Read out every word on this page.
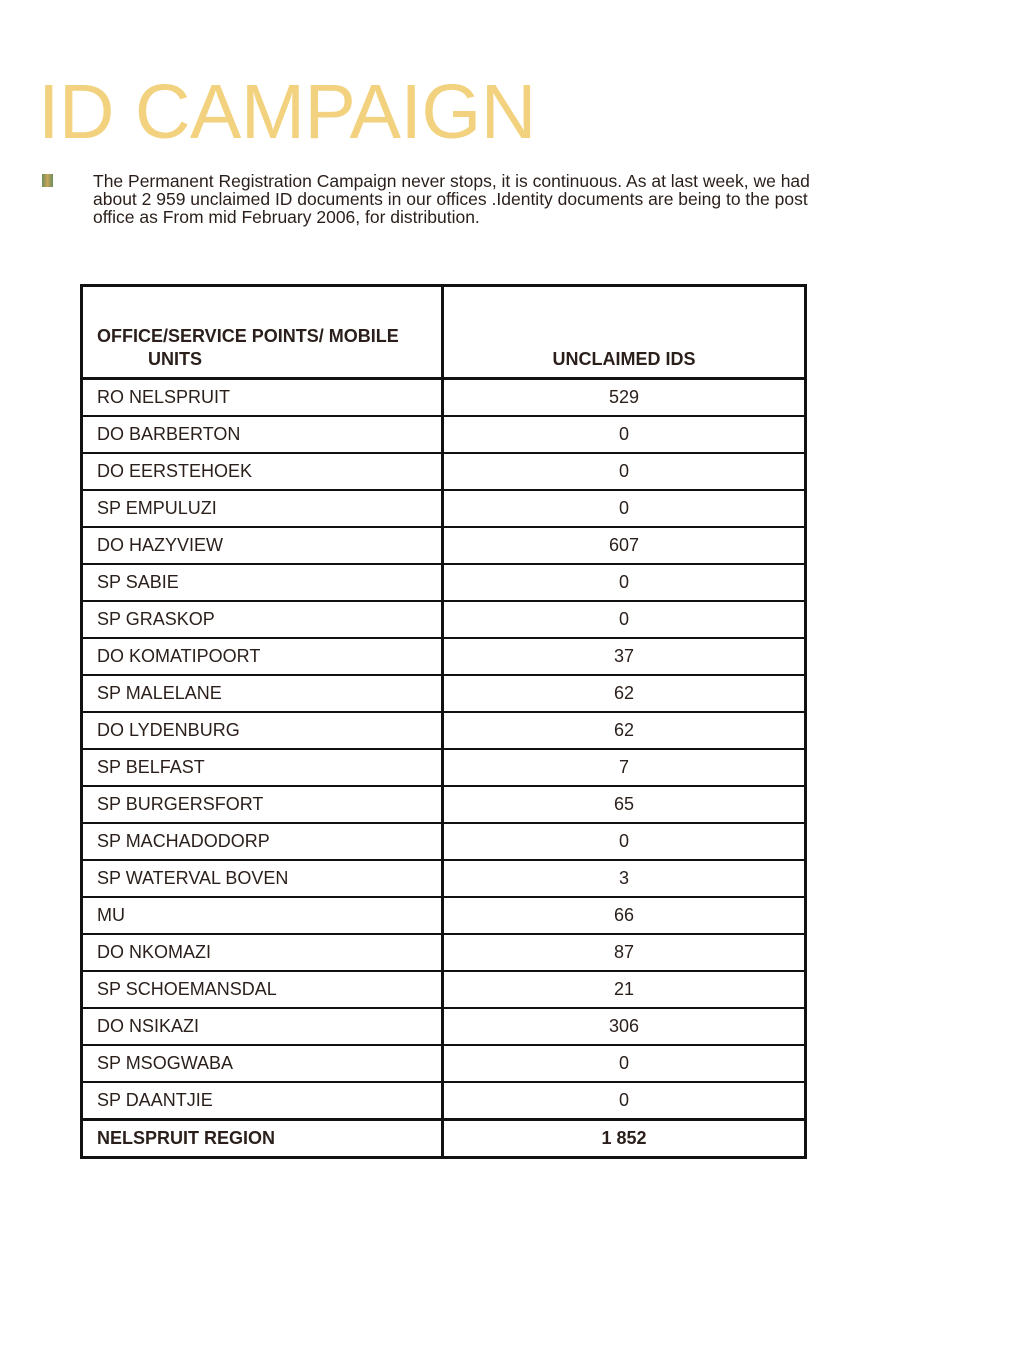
ID CAMPAIGN
The Permanent Registration Campaign never stops, it is continuous. As at last week, we had about 2 959 unclaimed ID documents in our offices .Identity documents are being to the post office as From mid February 2006, for distribution.
OFFICE/SERVICE POINTS/ MOBILE
UNITS	UNCLAIMED IDS
RO NELSPRUIT	529
DO BARBERTON	0
DO EERSTEHOEK	0
SP EMPULUZI	0
DO HAZYVIEW	607
SP SABIE	0
SP GRASKOP	0
DO KOMATIPOORT	37
SP MALELANE	62
DO LYDENBURG	62
SP BELFAST	7
SP BURGERSFORT	65
SP MACHADODORP	0
SP WATERVAL BOVEN	3
MU	66
DO NKOMAZI	87
SP SCHOEMANSDAL	21
DO NSIKAZI	306
SP MSOGWABA	0
SP DAANTJIE	0
NELSPRUIT REGION	1 852
